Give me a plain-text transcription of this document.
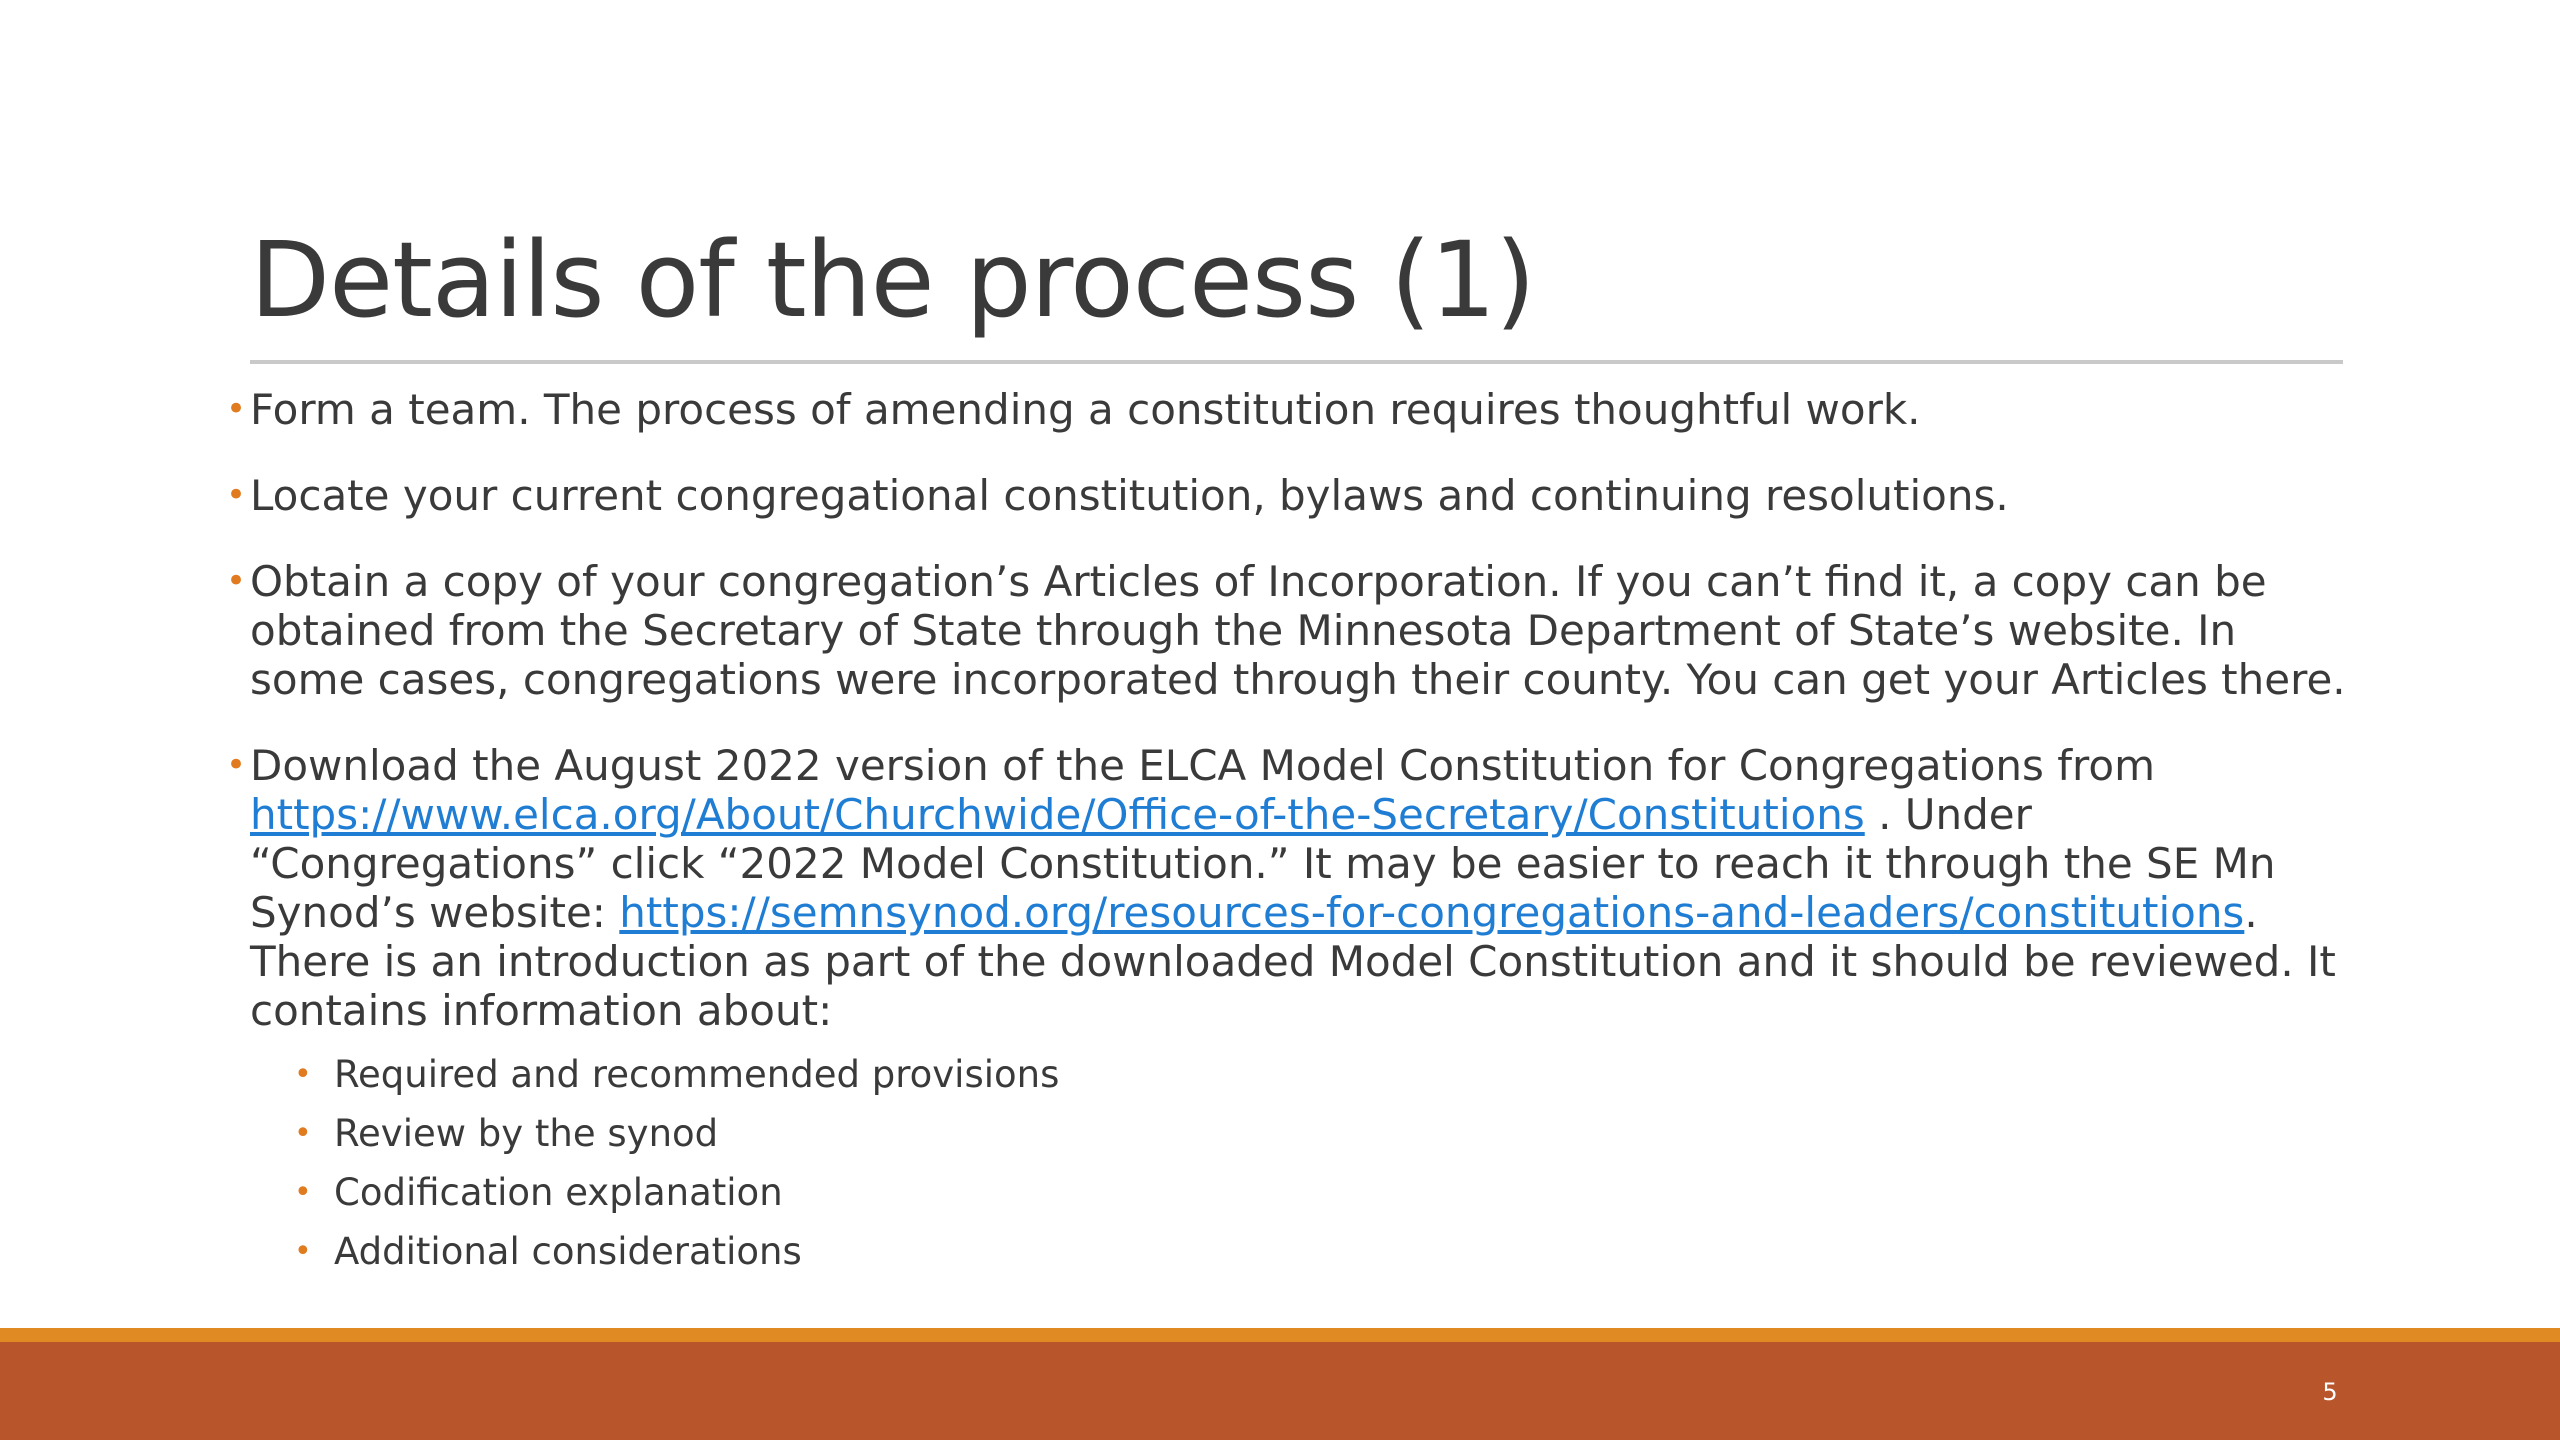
Details of the process (1)
• Form a team. The process of amending a constitution requires thoughtful work.
• Locate your current congregational constitution, bylaws and continuing resolutions.
• Obtain a copy of your congregation’s Articles of Incorporation. If you can’t find it, a copy can be obtained from the Secretary of State through the Minnesota Department of State’s website. In some cases, congregations were incorporated through their county. You can get your Articles there.
• Download the August 2022 version of the ELCA Model Constitution for Congregations from https://www.elca.org/About/Churchwide/Office-of-the-Secretary/Constitutions . Under “Congregations” click “2022 Model Constitution.” It may be easier to reach it through the SE Mn Synod’s website: https://semnsynod.org/resources-for-congregations-and-leaders/constitutions. There is an introduction as part of the downloaded Model Constitution and it should be reviewed. It contains information about:
• Required and recommended provisions
• Review by the synod
• Codification explanation
• Additional considerations
5
